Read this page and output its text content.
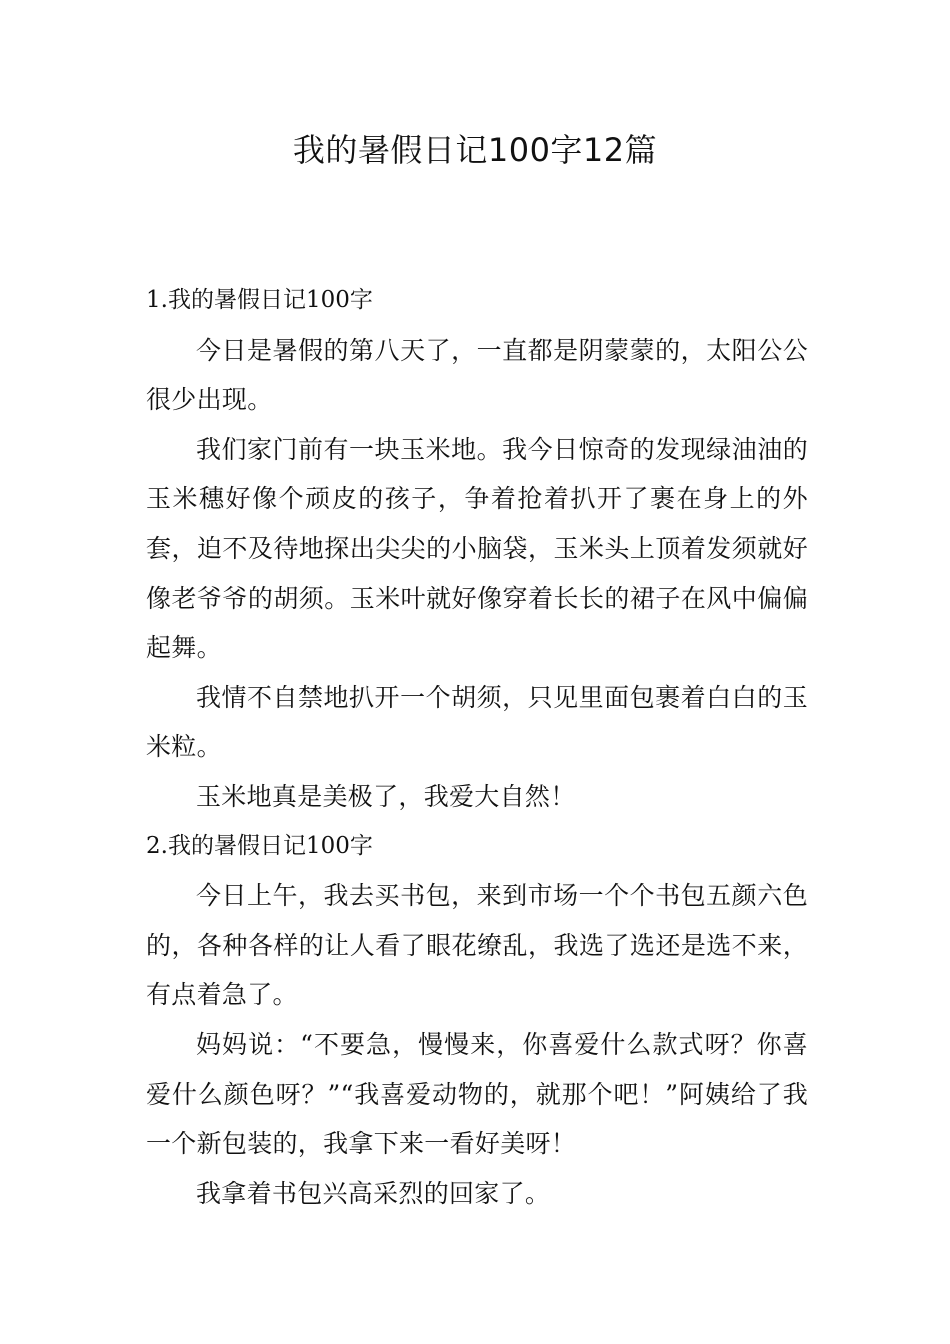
我的暑假日记100字12篇
1.我的暑假日记100字

今日是暑假的第八天了，一直都是阴蒙蒙的，太阳公公很少出现。

我们家门前有一块玉米地。我今日惊奇的发现绿油油的玉米穗好像个顽皮的孩子，争着抢着扒开了裹在身上的外套，迫不及待地探出尖尖的小脑袋，玉米头上顶着发须就好像老爷爷的胡须。玉米叶就好像穿着长长的裙子在风中偏偏起舞。

我情不自禁地扒开一个胡须，只见里面包裹着白白的玉米粒。

玉米地真是美极了，我爱大自然！

2.我的暑假日记100字

今日上午，我去买书包，来到市场一个个书包五颜六色的，各种各样的让人看了眼花缭乱，我选了选还是选不来，有点着急了。

妈妈说：“不要急，慢慢来，你喜爱什么款式呀？你喜爱什么颜色呀？”“我喜爱动物的，就那个吧！”阿姨给了我一个新包装的，我拿下来一看好美呀！

我拿着书包兴高采烈的回家了。
